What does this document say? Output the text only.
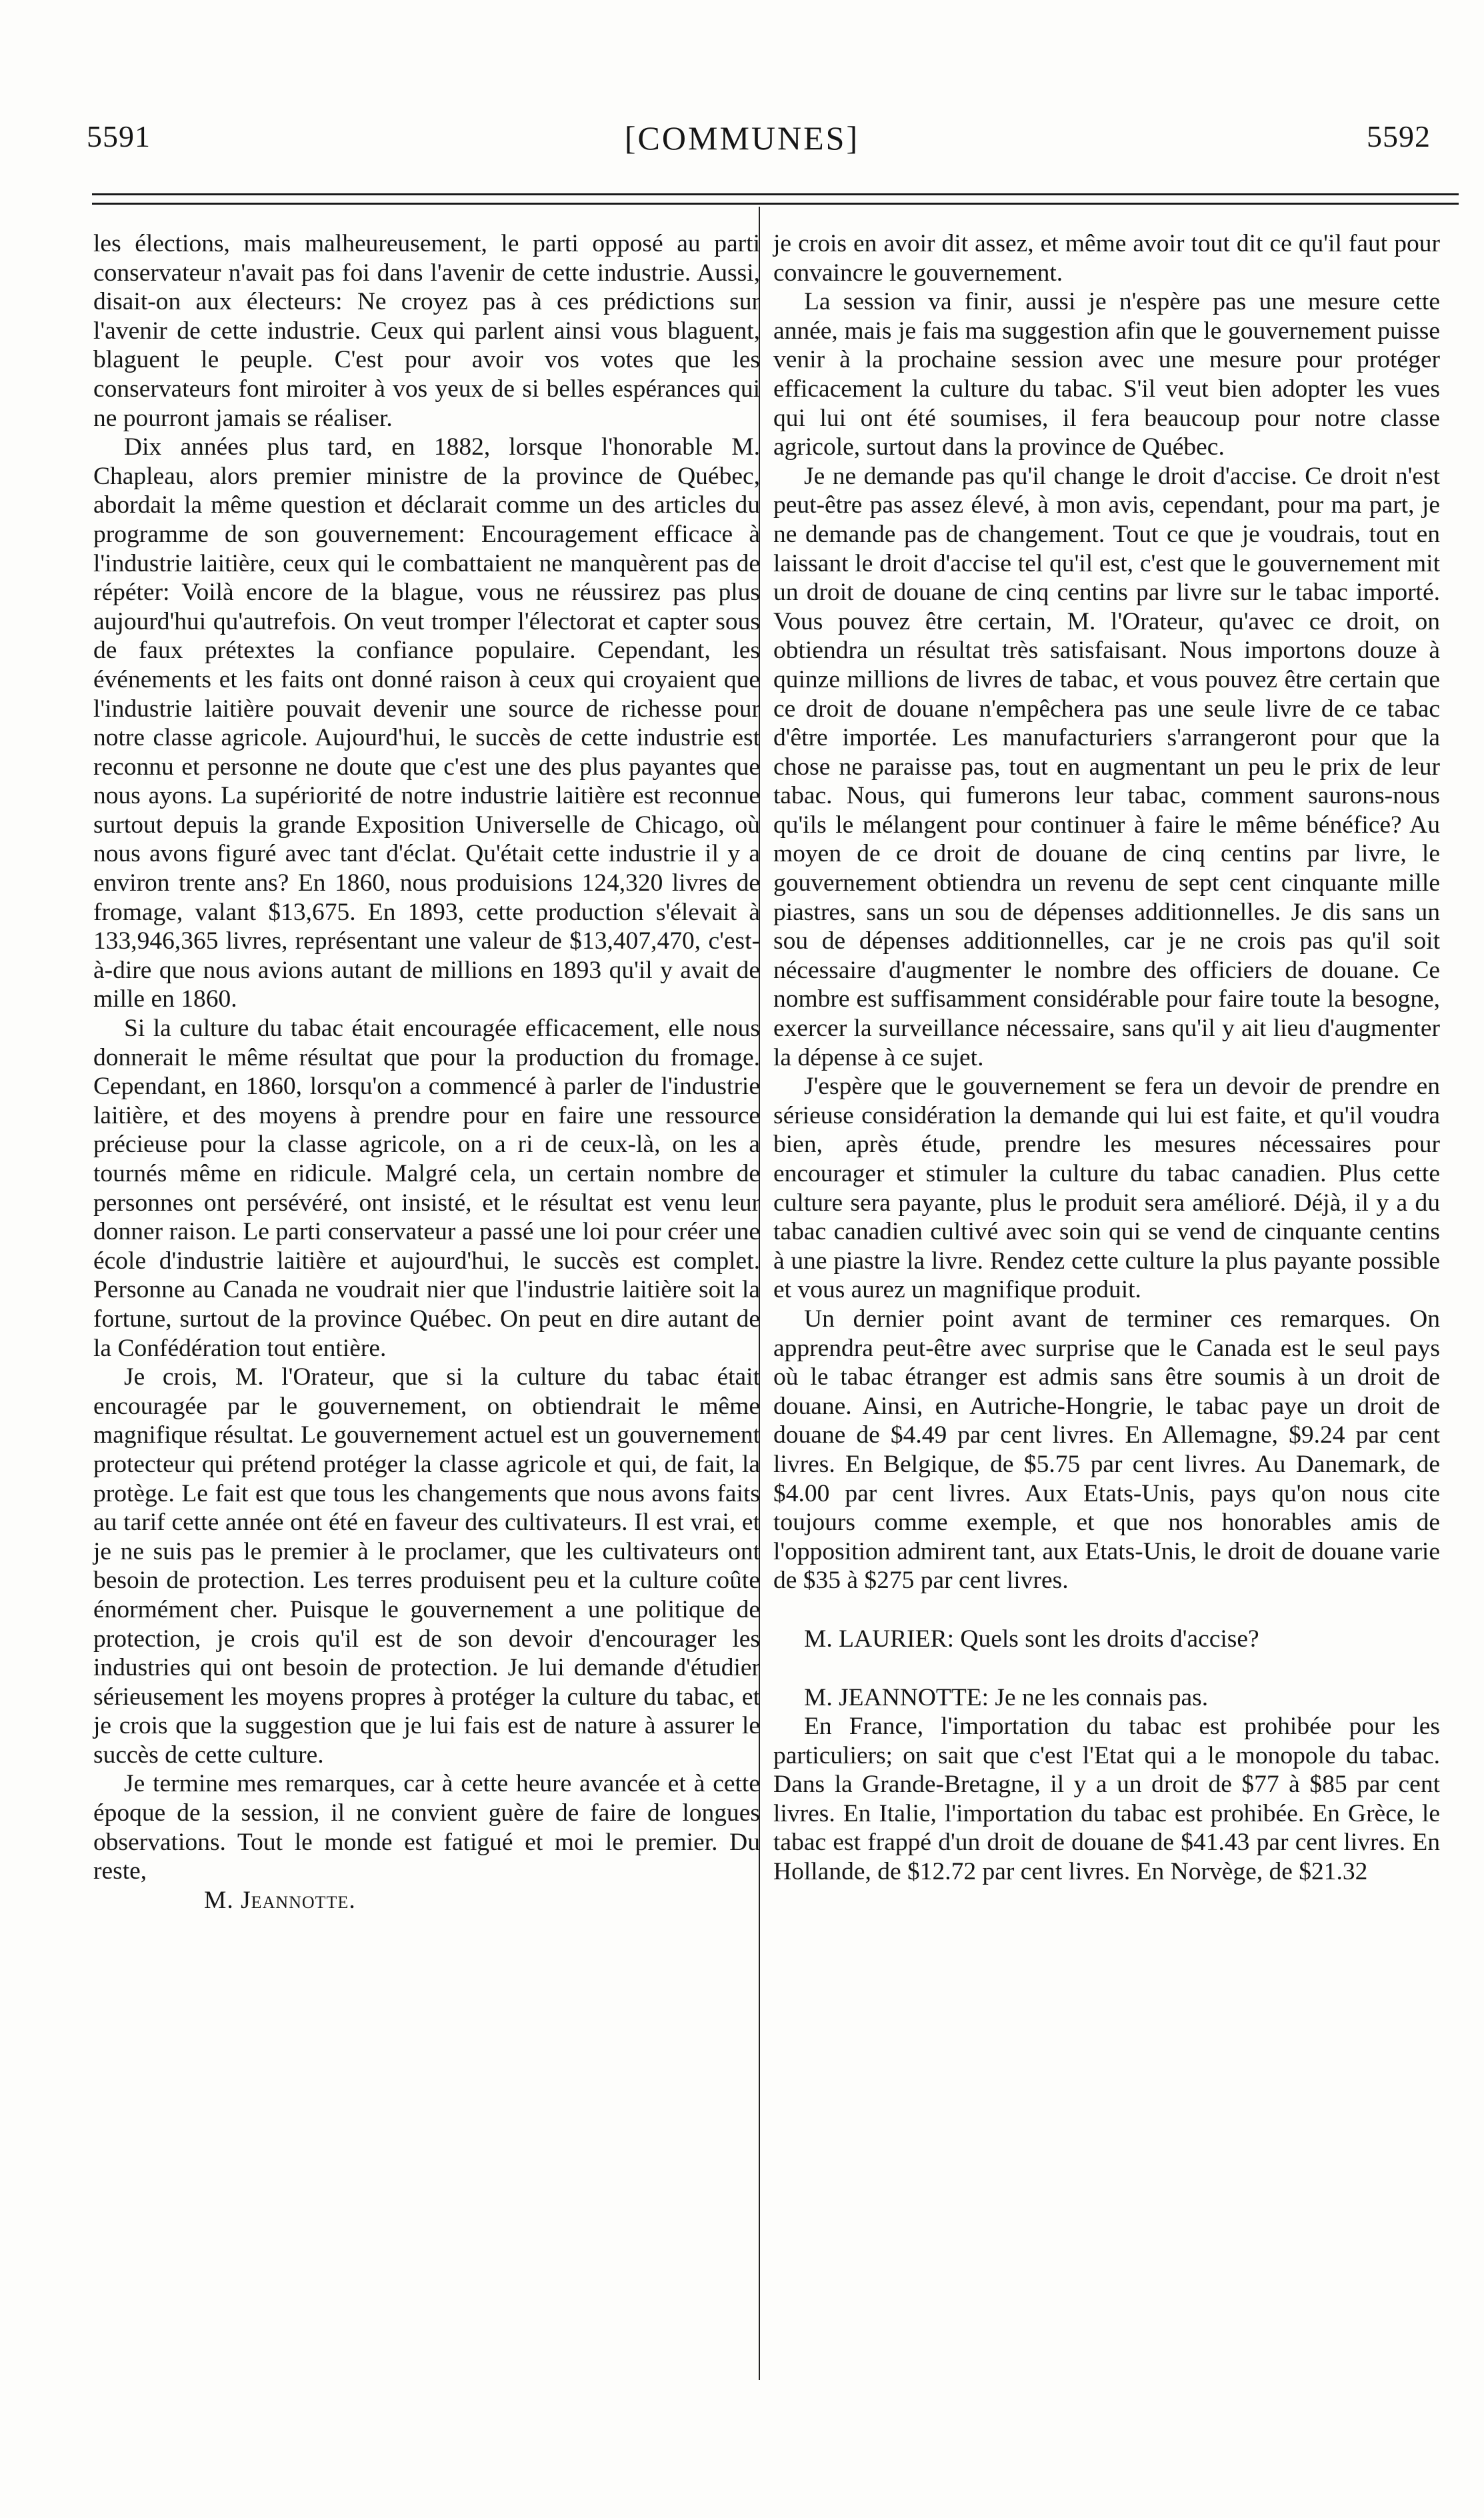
5591	[COMMUNES]	5592

les élections, mais malheureusement, le parti opposé au parti conservateur n'avait pas foi dans l'avenir de cette industrie. Aussi, disait-on aux électeurs: Ne croyez pas à ces prédictions sur l'avenir de cette industrie. Ceux qui parlent ainsi vous blaguent, blaguent le peuple. C'est pour avoir vos votes que les conservateurs font miroiter à vos yeux de si belles espérances qui ne pourront jamais se réaliser.

Dix années plus tard, en 1882, lorsque l'honorable M. Chapleau, alors premier ministre de la province de Québec, abordait la même question et déclarait comme un des articles du programme de son gouvernement: Encouragement efficace à l'industrie laitière, ceux qui le combattaient ne manquèrent pas de répéter: Voilà encore de la blague, vous ne réussirez pas plus aujourd'hui qu'autrefois. On veut tromper l'électorat et capter sous de faux prétextes la confiance populaire. Cependant, les événements et les faits ont donné raison à ceux qui croyaient que l'industrie laitière pouvait devenir une source de richesse pour notre classe agricole. Aujourd'hui, le succès de cette industrie est reconnu et personne ne doute que c'est une des plus payantes que nous ayons. La supériorité de notre industrie laitière est reconnue surtout depuis la grande Exposition Universelle de Chicago, où nous avons figuré avec tant d'éclat. Qu'était cette industrie il y a environ trente ans? En 1860, nous produisions 124,320 livres de fromage, valant $13,675. En 1893, cette production s'élevait à 133,946,365 livres, représentant une valeur de $13,407,470, c'est-à-dire que nous avions autant de millions en 1893 qu'il y avait de mille en 1860.

Si la culture du tabac était encouragée efficacement, elle nous donnerait le même résultat que pour la production du fromage. Cependant, en 1860, lorsqu'on a commencé à parler de l'industrie laitière, et des moyens à prendre pour en faire une ressource précieuse pour la classe agricole, on a ri de ceux-là, on les a tournés même en ridicule. Malgré cela, un certain nombre de personnes ont persévéré, ont insisté, et le résultat est venu leur donner raison. Le parti conservateur a passé une loi pour créer une école d'industrie laitière et aujourd'hui, le succès est complet. Personne au Canada ne voudrait nier que l'industrie laitière soit la fortune, surtout de la province Québec. On peut en dire autant de la Confédération tout entière.

Je crois, M. l'Orateur, que si la culture du tabac était encouragée par le gouvernement, on obtiendrait le même magnifique résultat. Le gouvernement actuel est un gouvernement protecteur qui prétend protéger la classe agricole et qui, de fait, la protège. Le fait est que tous les changements que nous avons faits au tarif cette année ont été en faveur des cultivateurs. Il est vrai, et je ne suis pas le premier à le proclamer, que les cultivateurs ont besoin de protection. Les terres produisent peu et la culture coûte énormément cher. Puisque le gouvernement a une politique de protection, je crois qu'il est de son devoir d'encourager les industries qui ont besoin de protection. Je lui demande d'étudier sérieusement les moyens propres à protéger la culture du tabac, et je crois que la suggestion que je lui fais est de nature à assurer le succès de cette culture.

Je termine mes remarques, car à cette heure avancée et à cette époque de la session, il ne convient guère de faire de longues observations. Tout le monde est fatigué et moi le premier. Du reste,

M. Jeannotte.

je crois en avoir dit assez, et même avoir tout dit ce qu'il faut pour convaincre le gouvernement.

La session va finir, aussi je n'espère pas une mesure cette année, mais je fais ma suggestion afin que le gouvernement puisse venir à la prochaine session avec une mesure pour protéger efficacement la culture du tabac. S'il veut bien adopter les vues qui lui ont été soumises, il fera beaucoup pour notre classe agricole, surtout dans la province de Québec.

Je ne demande pas qu'il change le droit d'accise. Ce droit n'est peut-être pas assez élevé, à mon avis, cependant, pour ma part, je ne demande pas de changement. Tout ce que je voudrais, tout en laissant le droit d'accise tel qu'il est, c'est que le gouvernement mit un droit de douane de cinq centins par livre sur le tabac importé. Vous pouvez être certain, M. l'Orateur, qu'avec ce droit, on obtiendra un résultat très satisfaisant. Nous importons douze à quinze millions de livres de tabac, et vous pouvez être certain que ce droit de douane n'empêchera pas une seule livre de ce tabac d'être importée. Les manufacturiers s'arrangeront pour que la chose ne paraisse pas, tout en augmentant un peu le prix de leur tabac. Nous, qui fumerons leur tabac, comment saurons-nous qu'ils le mélangent pour continuer à faire le même bénéfice? Au moyen de ce droit de douane de cinq centins par livre, le gouvernement obtiendra un revenu de sept cent cinquante mille piastres, sans un sou de dépenses additionnelles. Je dis sans un sou de dépenses additionnelles, car je ne crois pas qu'il soit nécessaire d'augmenter le nombre des officiers de douane. Ce nombre est suffisamment considérable pour faire toute la besogne, exercer la surveillance nécessaire, sans qu'il y ait lieu d'augmenter la dépense à ce sujet.

J'espère que le gouvernement se fera un devoir de prendre en sérieuse considération la demande qui lui est faite, et qu'il voudra bien, après étude, prendre les mesures nécessaires pour encourager et stimuler la culture du tabac canadien. Plus cette culture sera payante, plus le produit sera amélioré. Déjà, il y a du tabac canadien cultivé avec soin qui se vend de cinquante centins à une piastre la livre. Rendez cette culture la plus payante possible et vous aurez un magnifique produit.

Un dernier point avant de terminer ces remarques. On apprendra peut-être avec surprise que le Canada est le seul pays où le tabac étranger est admis sans être soumis à un droit de douane. Ainsi, en Autriche-Hongrie, le tabac paye un droit de douane de $4.49 par cent livres. En Allemagne, $9.24 par cent livres. En Belgique, de $5.75 par cent livres. Au Danemark, de $4.00 par cent livres. Aux Etats-Unis, pays qu'on nous cite toujours comme exemple, et que nos honorables amis de l'opposition admirent tant, aux Etats-Unis, le droit de douane varie de $35 à $275 par cent livres.

M. LAURIER: Quels sont les droits d'accise?

M. JEANNOTTE: Je ne les connais pas.

En France, l'importation du tabac est prohibée pour les particuliers; on sait que c'est l'Etat qui a le monopole du tabac. Dans la Grande-Bretagne, il y a un droit de $77 à $85 par cent livres. En Italie, l'importation du tabac est prohibée. En Grèce, le tabac est frappé d'un droit de douane de $41.43 par cent livres. En Hollande, de $12.72 par cent livres. En Norvège, de $21.32
